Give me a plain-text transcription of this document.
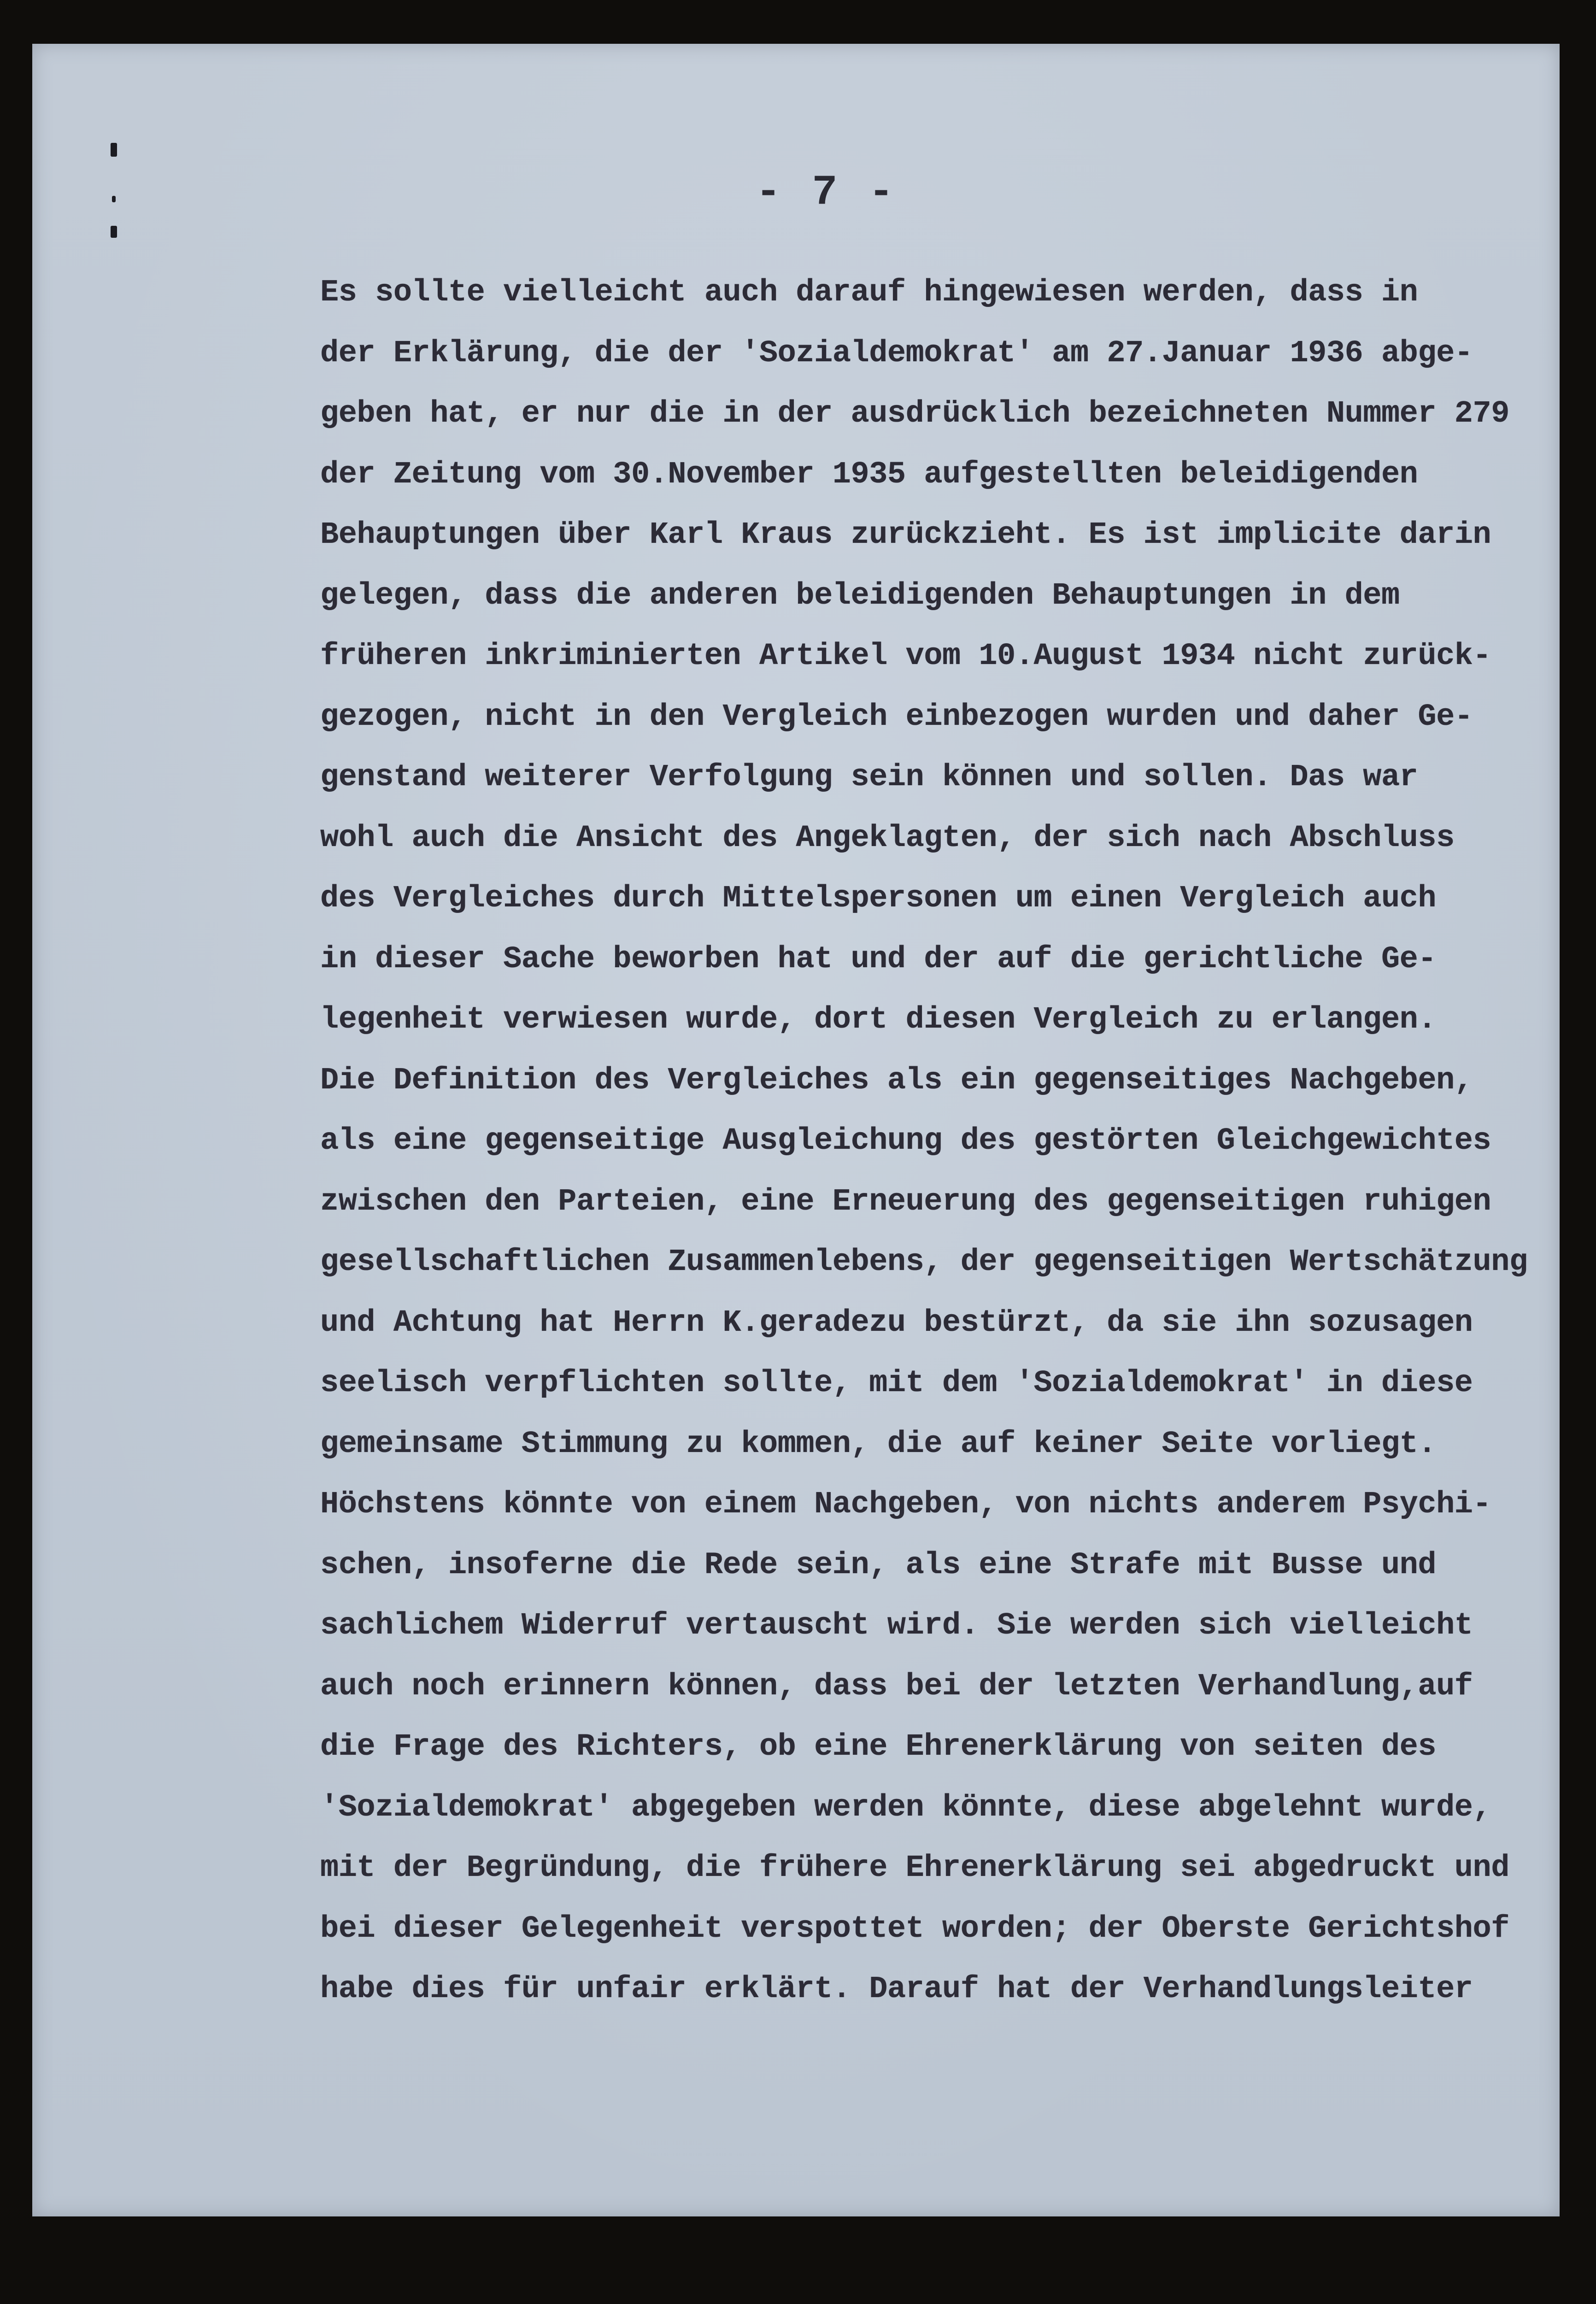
- 7 -
Es sollte vielleicht auch darauf hingewiesen werden, dass in
der Erklärung, die der 'Sozialdemokrat' am 27.Januar 1936 abge-
geben hat, er nur die in der ausdrücklich bezeichneten Nummer 279
der Zeitung vom 30.November 1935 aufgestellten beleidigenden
Behauptungen über Karl Kraus zurückzieht. Es ist implicite darin
gelegen, dass die anderen beleidigenden Behauptungen in dem
früheren inkriminierten Artikel vom 10.August 1934 nicht zurück-
gezogen, nicht in den Vergleich einbezogen wurden und daher Ge-
genstand weiterer Verfolgung sein können und sollen. Das war
wohl auch die Ansicht des Angeklagten, der sich nach Abschluss
des Vergleiches durch Mittelspersonen um einen Vergleich auch
in dieser Sache beworben hat und der auf die gerichtliche Ge-
legenheit verwiesen wurde, dort diesen Vergleich zu erlangen.
Die Definition des Vergleiches als ein gegenseitiges Nachgeben,
als eine gegenseitige Ausgleichung des gestörten Gleichgewichtes
zwischen den Parteien, eine Erneuerung des gegenseitigen ruhigen
gesellschaftlichen Zusammenlebens, der gegenseitigen Wertschätzung
und Achtung hat Herrn K.geradezu bestürzt, da sie ihn sozusagen
seelisch verpflichten sollte, mit dem 'Sozialdemokrat' in diese
gemeinsame Stimmung zu kommen, die auf keiner Seite vorliegt.
Höchstens könnte von einem Nachgeben, von nichts anderem Psychi-
schen, insoferne die Rede sein, als eine Strafe mit Busse und
sachlichem Widerruf vertauscht wird. Sie werden sich vielleicht
auch noch erinnern können, dass bei der letzten Verhandlung,auf
die Frage des Richters, ob eine Ehrenerklärung von seiten des
'Sozialdemokrat' abgegeben werden könnte, diese abgelehnt wurde,
mit der Begründung, die frühere Ehrenerklärung sei abgedruckt und
bei dieser Gelegenheit verspottet worden; der Oberste Gerichtshof
habe dies für unfair erklärt. Darauf hat der Verhandlungsleiter
